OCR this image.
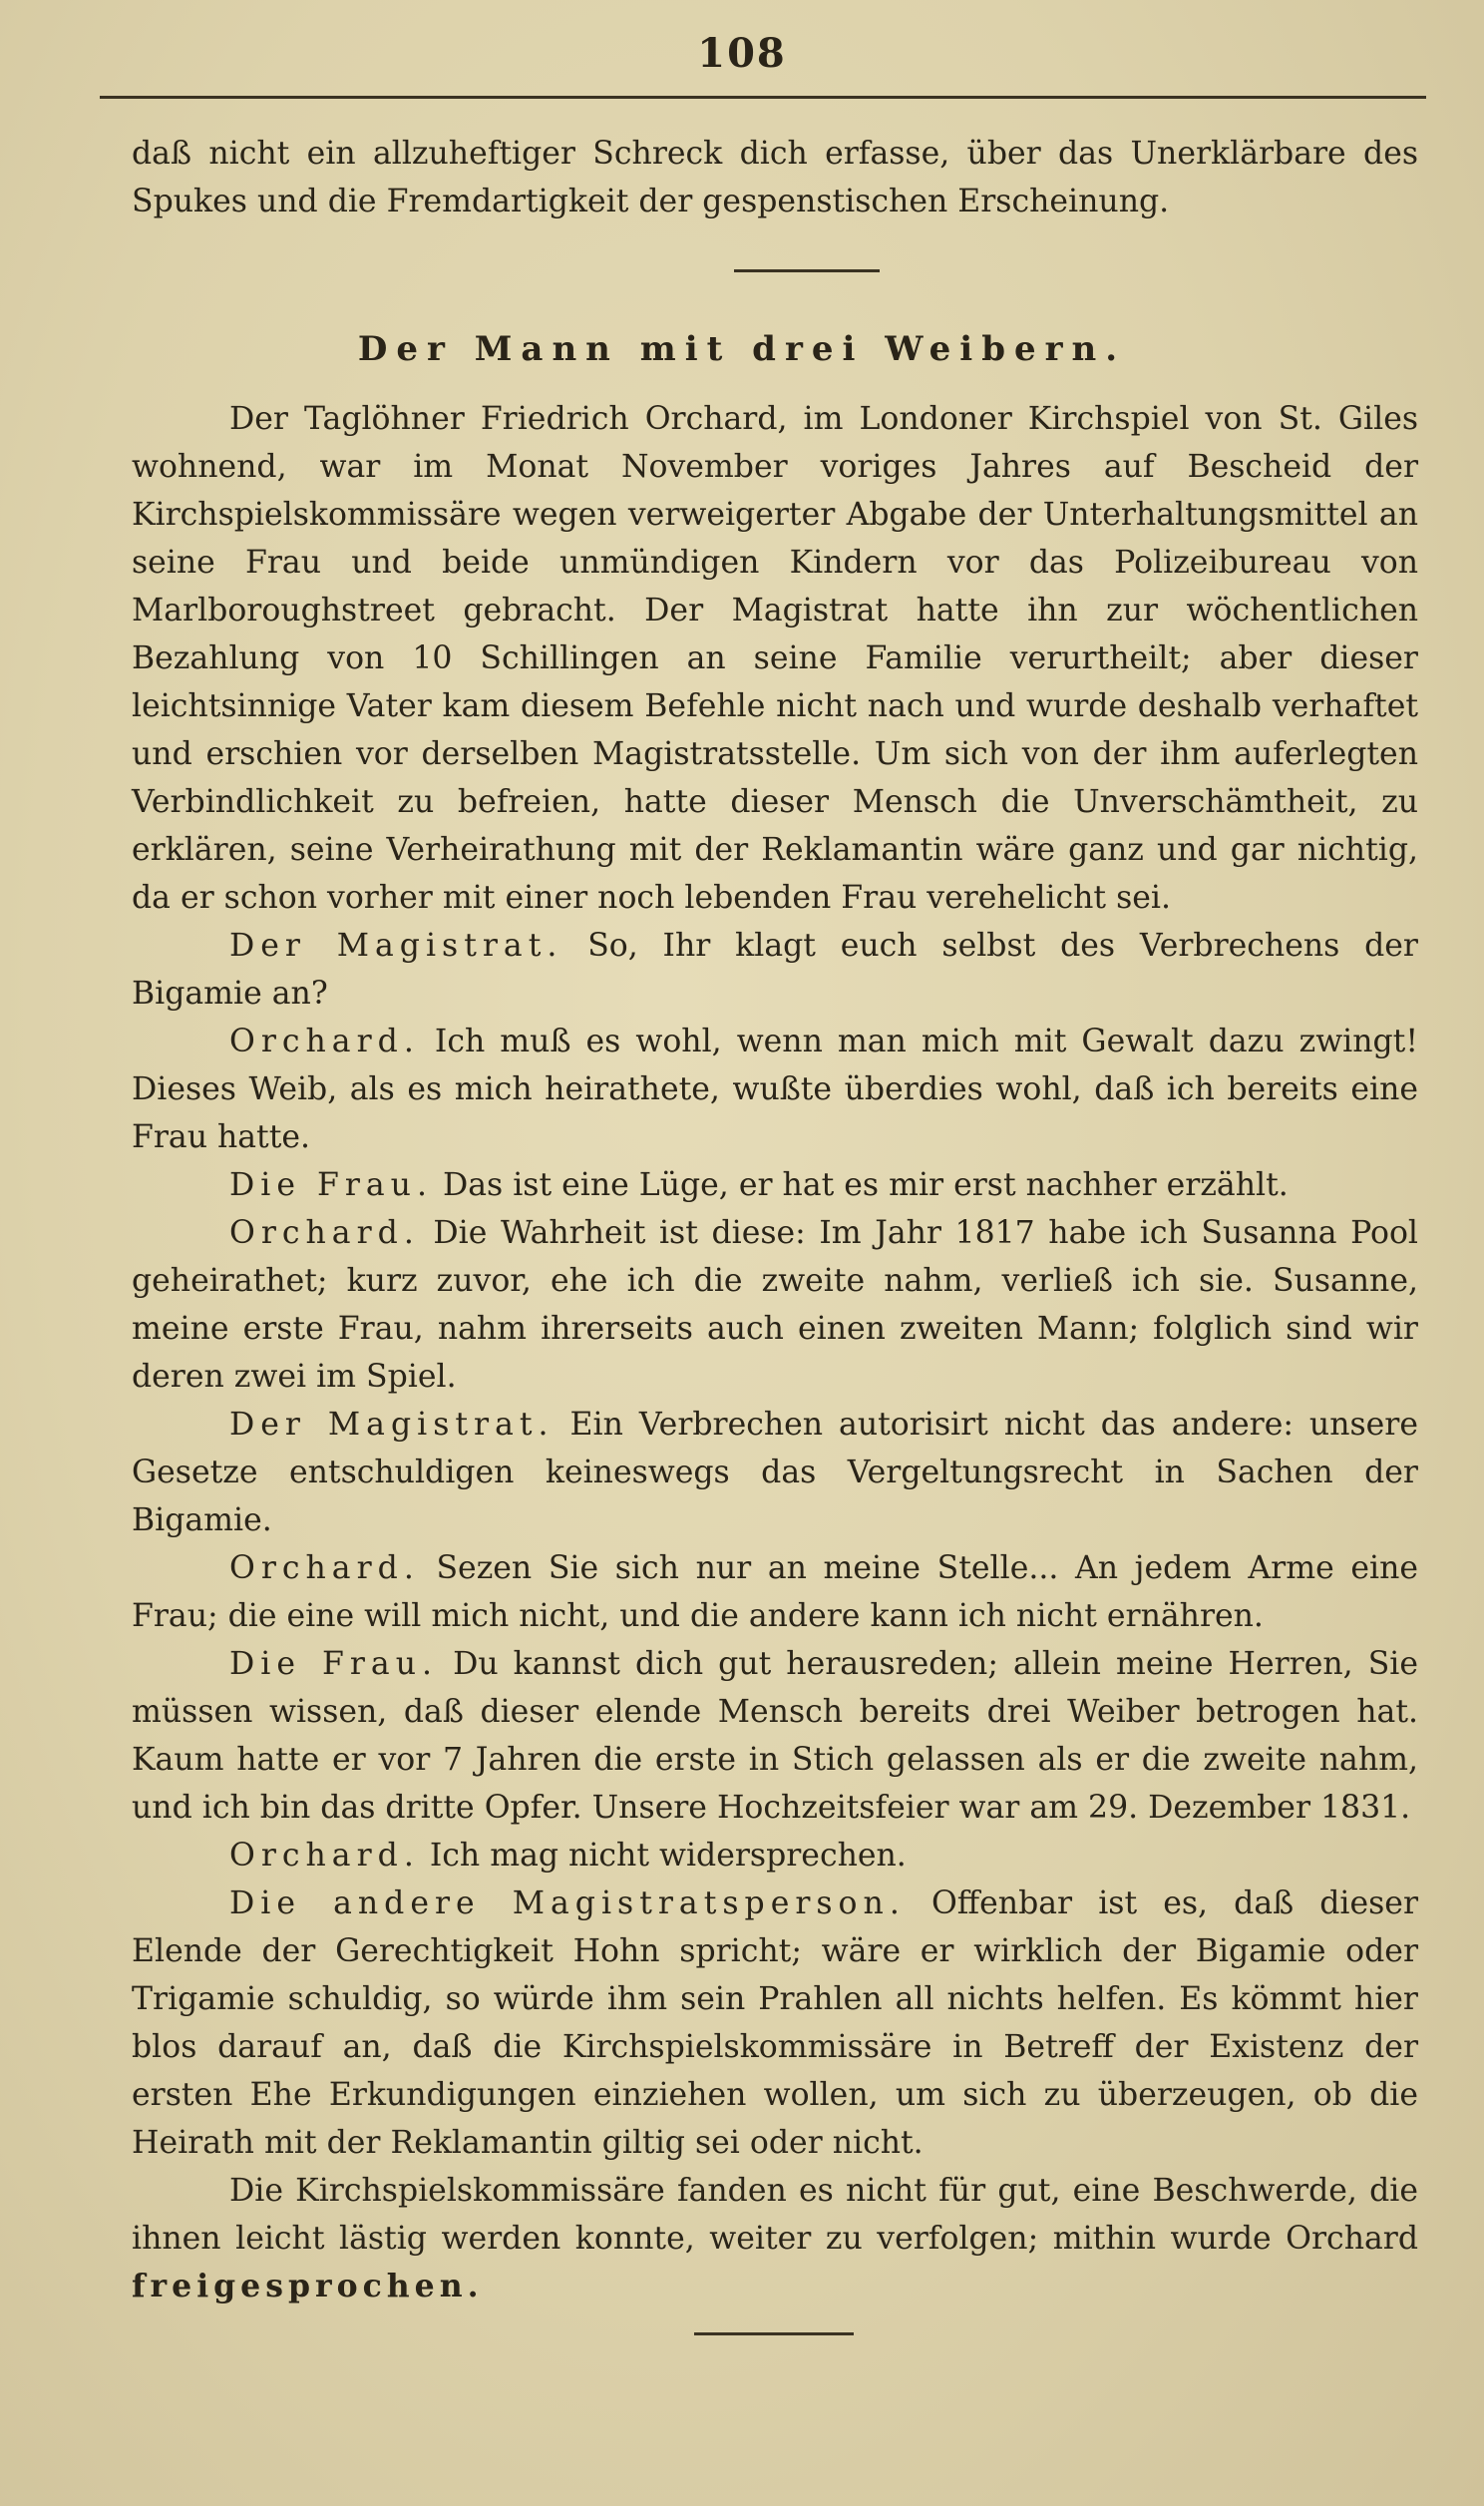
108

daß nicht ein allzuheftiger Schreck dich erfasse, über das Unerklärbare des Spukes und die Fremdartigkeit der gespenstischen Erscheinung.

Der Mann mit drei Weibern.

Der Taglöhner Friedrich Orchard, im Londoner Kirchspiel von St. Giles wohnend, war im Monat November voriges Jahres auf Bescheid der Kirchspielskommissäre wegen verweigerter Abgabe der Unterhaltungsmittel an seine Frau und beide unmündigen Kindern vor das Polizeibureau von Marlboroughstreet gebracht. Der Magistrat hatte ihn zur wöchentlichen Bezahlung von 10 Schillingen an seine Familie verurtheilt; aber dieser leichtsinnige Vater kam diesem Befehle nicht nach und wurde deshalb verhaftet und erschien vor derselben Magistratsstelle. Um sich von der ihm auferlegten Verbindlichkeit zu befreien, hatte dieser Mensch die Unverschämtheit, zu erklären, seine Verheirathung mit der Reklamantin wäre ganz und gar nichtig, da er schon vorher mit einer noch lebenden Frau verehelicht sei.

Der Magistrat. So, Ihr klagt euch selbst des Verbrechens der Bigamie an?

Orchard. Ich muß es wohl, wenn man mich mit Gewalt dazu zwingt! Dieses Weib, als es mich heirathete, wußte überdies wohl, daß ich bereits eine Frau hatte.

Die Frau. Das ist eine Lüge, er hat es mir erst nachher erzählt.

Orchard. Die Wahrheit ist diese: Im Jahr 1817 habe ich Susanna Pool geheirathet; kurz zuvor, ehe ich die zweite nahm, verließ ich sie. Susanne, meine erste Frau, nahm ihrerseits auch einen zweiten Mann; folglich sind wir deren zwei im Spiel.

Der Magistrat. Ein Verbrechen autorisirt nicht das andere: unsere Gesetze entschuldigen keineswegs das Vergeltungsrecht in Sachen der Bigamie.

Orchard. Sezen Sie sich nur an meine Stelle... An jedem Arme eine Frau; die eine will mich nicht, und die andere kann ich nicht ernähren.

Die Frau. Du kannst dich gut herausreden; allein meine Herren, Sie müssen wissen, daß dieser elende Mensch bereits drei Weiber betrogen hat. Kaum hatte er vor 7 Jahren die erste in Stich gelassen als er die zweite nahm, und ich bin das dritte Opfer. Unsere Hochzeitsfeier war am 29. Dezember 1831.

Orchard. Ich mag nicht widersprechen.

Die andere Magistratsperson. Offenbar ist es, daß dieser Elende der Gerechtigkeit Hohn spricht; wäre er wirklich der Bigamie oder Trigamie schuldig, so würde ihm sein Prahlen all nichts helfen. Es kömmt hier blos darauf an, daß die Kirchspielskommissäre in Betreff der Existenz der ersten Ehe Erkundigungen einziehen wollen, um sich zu überzeugen, ob die Heirath mit der Reklamantin giltig sei oder nicht.

Die Kirchspielskommissäre fanden es nicht für gut, eine Beschwerde, die ihnen leicht lästig werden konnte, weiter zu verfolgen; mithin wurde Orchard freigesprochen.
